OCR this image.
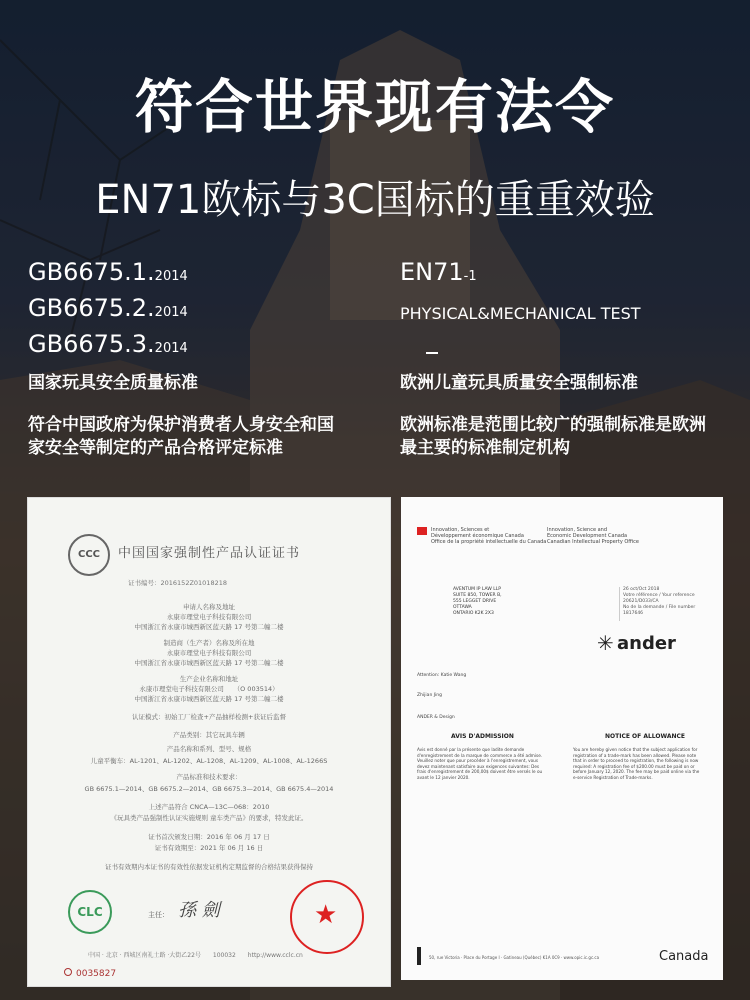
符合世界现有法令
EN71欧标与3C国标的重重效验
GB6675.1.2014
GB6675.2.2014
GB6675.3.2014
EN71-1
PHYSICAL&MECHANICAL TEST
国家玩具安全质量标准
符合中国政府为保护消费者人身安全和国家安全等制定的产品合格评定标准
欧洲儿童玩具质量安全强制标准
欧洲标准是范围比较广的强制标准是欧洲最主要的标准制定机构
CCC	中国国家强制性产品认证证书
证书编号：2016152Z01018218
申请人名称及地址
永康市理堂电子科技有限公司
中国浙江省永康市城西新区蓝天路 17 号第二幢二楼
制造商（生产者）名称及所在地
永康市理堂电子科技有限公司
中国浙江省永康市城西新区蓝天路 17 号第二幢二楼
生产企业名称和地址
永康市理堂电子科技有限公司　　（O 003514）
中国浙江省永康市城西新区蓝天路 17 号第二幢二楼
认证模式：初始工厂检查+产品抽样检测+获证后监督
产品类别：其它玩具车辆
产品名称和系列、型号、规格
儿童平衡车：AL-1201、AL-1202、AL-1208、AL-1209、AL-1008、AL-1266S
产品标准和技术要求：
GB 6675.1—2014、GB 6675.2—2014、GB 6675.3—2014、GB 6675.4—2014
上述产品符合 CNCA—13C—068：2010
《玩具类产品强制性认证实施规则 童车类产品》的要求，特发此证。
证书首次颁发日期：2016 年 06 月 17 日
证书有效期至：2021 年 06 月 16 日
证书有效期内本证书的有效性依据发证机构定期监督的合格结果获得保持
CLC	主任： 孫 劍	★
中国 · 北京 · 西城区南礼士路 ·大街乙22号　　100032　　http://www.cclc.cn
0035827
Innovation, Sciences et
Développement économique Canada
Office de la propriété intellectuelle du Canada
Innovation, Science and
Economic Development Canada
Canadian Intellectual Property Office
26 oct/Oct 2018
Votre référence / Your reference
20621/D033/CA
No de la demande / File number
1817646
AVENTUM IP LAW LLP
SUITE 850, TOWER B,
555 LEGGET DRIVE
OTTAWA
ONTARIO K2K 2X3
✳ ander
Attention: Katie Wang
Zhijian Jing
ANDER & Design
AVIS D'ADMISSION	NOTICE OF ALLOWANCE
Avis est donné par la présente que ladite demande d'enregistrement de la marque de commerce a été admise. Veuillez noter que pour procéder à l'enregistrement, vous devez maintenant satisfaire aux exigences suivantes: Des frais d'enregistrement de 200,00$ doivent être versés le ou avant le 12 janvier 2020.
You are hereby given notice that the subject application for registration of a trade-mark has been allowed. Please note that in order to proceed to registration, the following is now required: A registration fee of $200.00 must be paid on or before January 12, 2020. The fee may be paid online via the e-service Registration of Trade-marks.
50, rue Victoria · Place du Portage I · Gatineau (Québec) K1A 0C9 · www.opic.ic.gc.ca	Canada
